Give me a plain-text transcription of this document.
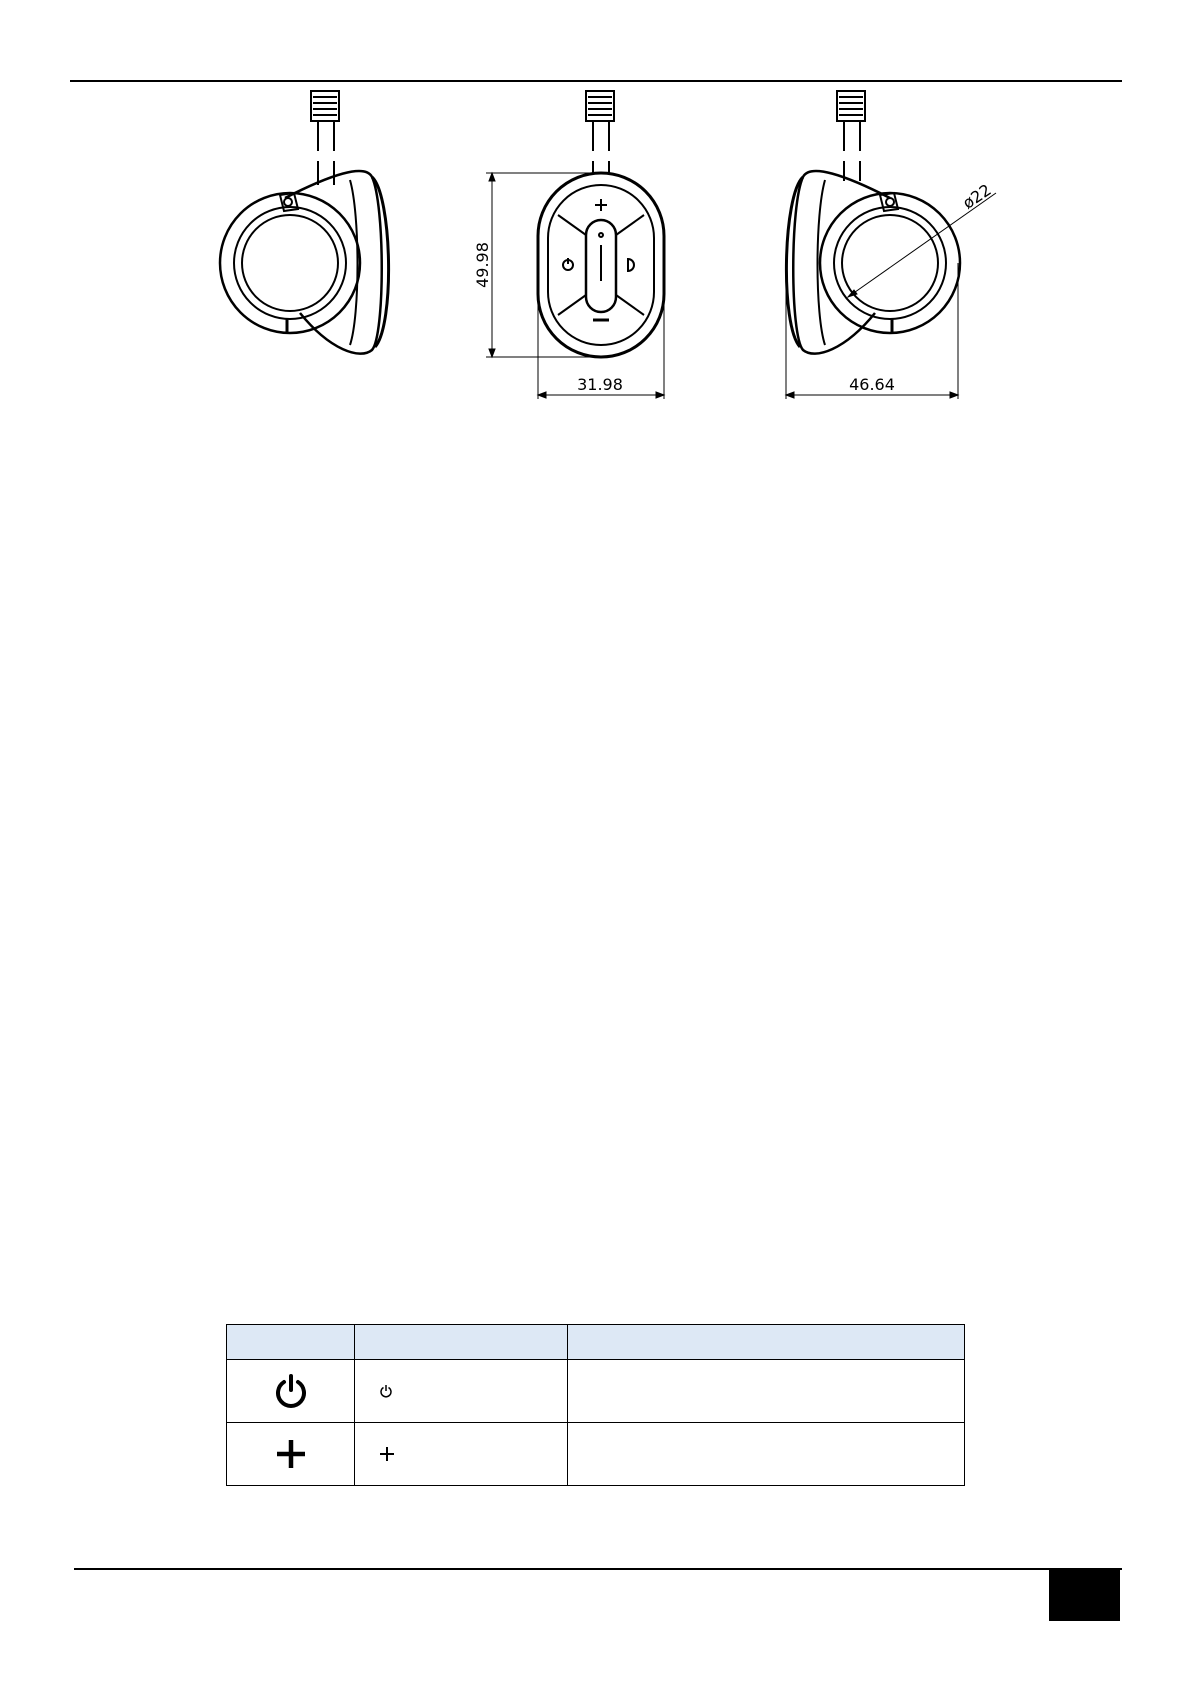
49.98
31.98	46.64
ø22
